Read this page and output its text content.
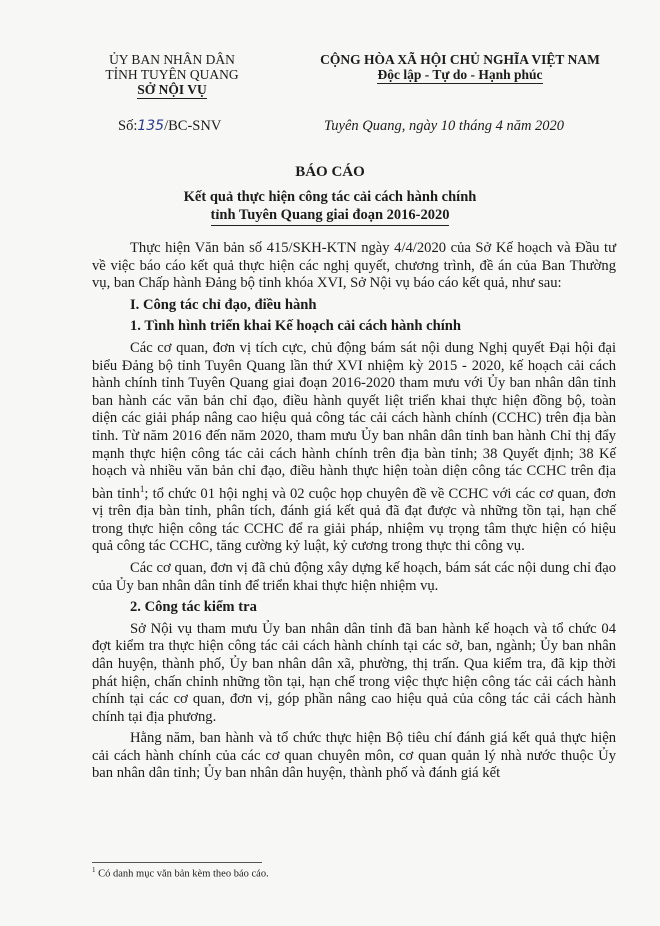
ỦY BAN NHÂN DÂN
TỈNH TUYÊN QUANG
SỞ NỘI VỤ
CỘNG HÒA XÃ HỘI CHỦ NGHĨA VIỆT NAM
Độc lập - Tự do - Hạnh phúc
Số:135/BC-SNV	Tuyên Quang, ngày 10 tháng 4 năm 2020
BÁO CÁO
Kết quả thực hiện công tác cải cách hành chính
tỉnh Tuyên Quang giai đoạn 2016-2020

Thực hiện Văn bản số 415/SKH-KTN ngày 4/4/2020 của Sở Kế hoạch và Đầu tư về việc báo cáo kết quả thực hiện các nghị quyết, chương trình, đề án của Ban Thường vụ, ban Chấp hành Đảng bộ tỉnh khóa XVI, Sở Nội vụ báo cáo kết quả, như sau:

I. Công tác chỉ đạo, điều hành
1. Tình hình triển khai Kế hoạch cải cách hành chính

Các cơ quan, đơn vị tích cực, chủ động bám sát nội dung Nghị quyết Đại hội đại biểu Đảng bộ tỉnh Tuyên Quang lần thứ XVI nhiệm kỳ 2015 - 2020, kế hoạch cải cách hành chính tỉnh Tuyên Quang giai đoạn 2016-2020 tham mưu với Ủy ban nhân dân tỉnh ban hành các văn bản chỉ đạo, điều hành quyết liệt triển khai thực hiện đồng bộ, toàn diện các giải pháp nâng cao hiệu quả công tác cải cách hành chính (CCHC) trên địa bàn tỉnh. Từ năm 2016 đến năm 2020, tham mưu Ủy ban nhân dân tỉnh ban hành Chỉ thị đẩy mạnh thực hiện công tác cải cách hành chính trên địa bàn tỉnh; 38 Quyết định; 38 Kế hoạch và nhiều văn bản chỉ đạo, điều hành thực hiện toàn diện công tác CCHC trên địa bàn tỉnh$^1$; tổ chức 01 hội nghị và 02 cuộc họp chuyên đề về CCHC với các cơ quan, đơn vị trên địa bàn tỉnh, phân tích, đánh giá kết quả đã đạt được và những tồn tại, hạn chế trong thực hiện công tác CCHC để ra giải pháp, nhiệm vụ trọng tâm thực hiện có hiệu quả công tác CCHC, tăng cường kỷ luật, kỷ cương trong thực thi công vụ.

Các cơ quan, đơn vị đã chủ động xây dựng kế hoạch, bám sát các nội dung chỉ đạo của Ủy ban nhân dân tỉnh để triển khai thực hiện nhiệm vụ.

2. Công tác kiểm tra

Sở Nội vụ tham mưu Ủy ban nhân dân tỉnh đã ban hành kế hoạch và tổ chức 04 đợt kiểm tra thực hiện công tác cải cách hành chính tại các sở, ban, ngành; Ủy ban nhân dân huyện, thành phố, Ủy ban nhân dân xã, phường, thị trấn. Qua kiểm tra, đã kịp thời phát hiện, chấn chỉnh những tồn tại, hạn chế trong việc thực hiện công tác cải cách hành chính tại các cơ quan, đơn vị, góp phần nâng cao hiệu quả của công tác cải cách hành chính tại địa phương.

Hằng năm, ban hành và tổ chức thực hiện Bộ tiêu chí đánh giá kết quả thực hiện cải cách hành chính của các cơ quan chuyên môn, cơ quan quản lý nhà nước thuộc Ủy ban nhân dân tỉnh; Ủy ban nhân dân huyện, thành phố và đánh giá kết

$^1$ Có danh mục văn bản kèm theo báo cáo.
